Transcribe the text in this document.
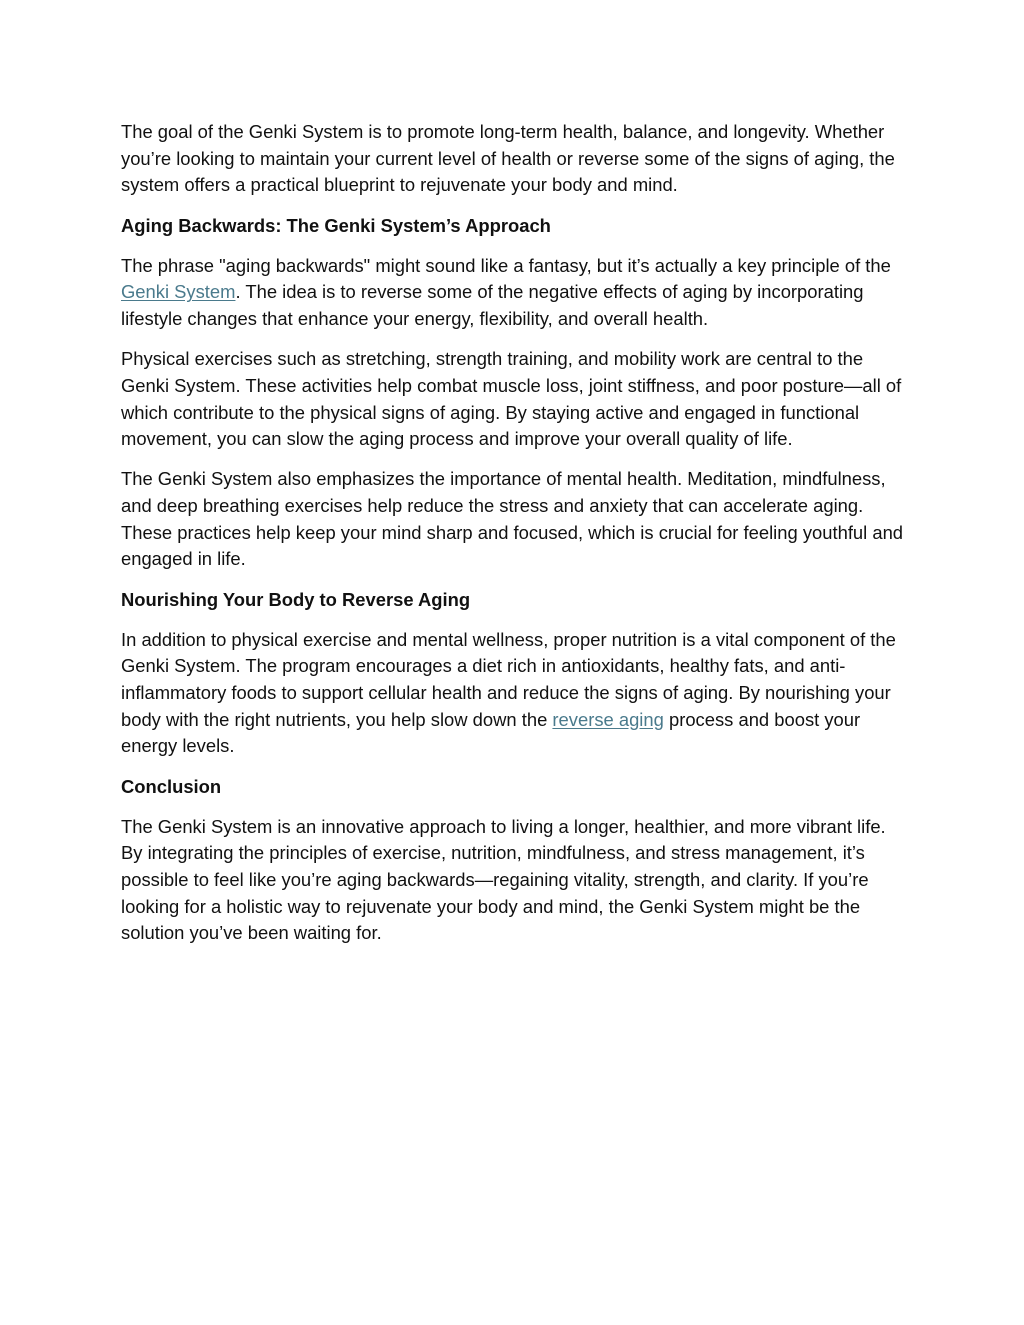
The goal of the Genki System is to promote long-term health, balance, and longevity. Whether you’re looking to maintain your current level of health or reverse some of the signs of aging, the system offers a practical blueprint to rejuvenate your body and mind.

Aging Backwards: The Genki System’s Approach

The phrase "aging backwards" might sound like a fantasy, but it’s actually a key principle of the Genki System. The idea is to reverse some of the negative effects of aging by incorporating lifestyle changes that enhance your energy, flexibility, and overall health.

Physical exercises such as stretching, strength training, and mobility work are central to the Genki System. These activities help combat muscle loss, joint stiffness, and poor posture—all of which contribute to the physical signs of aging. By staying active and engaged in functional movement, you can slow the aging process and improve your overall quality of life.

The Genki System also emphasizes the importance of mental health. Meditation, mindfulness, and deep breathing exercises help reduce the stress and anxiety that can accelerate aging. These practices help keep your mind sharp and focused, which is crucial for feeling youthful and engaged in life.

Nourishing Your Body to Reverse Aging

In addition to physical exercise and mental wellness, proper nutrition is a vital component of the Genki System. The program encourages a diet rich in antioxidants, healthy fats, and anti-inflammatory foods to support cellular health and reduce the signs of aging. By nourishing your body with the right nutrients, you help slow down the reverse aging process and boost your energy levels.

Conclusion

The Genki System is an innovative approach to living a longer, healthier, and more vibrant life. By integrating the principles of exercise, nutrition, mindfulness, and stress management, it’s possible to feel like you’re aging backwards—regaining vitality, strength, and clarity. If you’re looking for a holistic way to rejuvenate your body and mind, the Genki System might be the solution you’ve been waiting for.
